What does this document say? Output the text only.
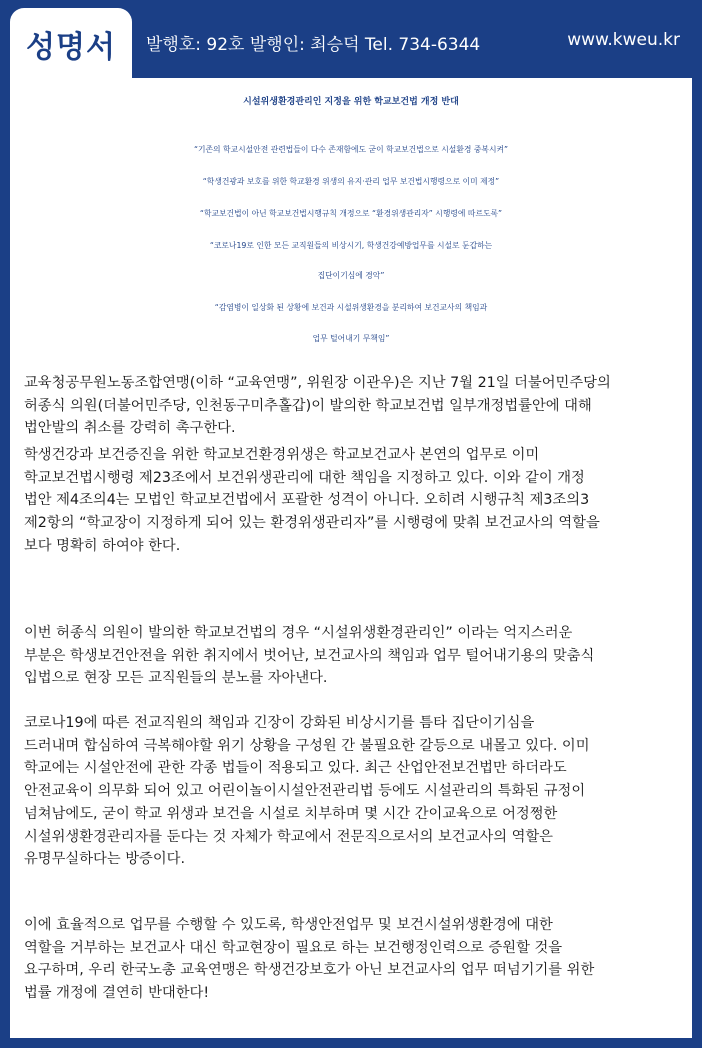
성명서	발행호: 92호 발행인: 최승덕 Tel. 734-6344	www.kweu.kr
시설위생환경관리인 지정을 위한 학교보건법 개정 반대
“기존의 학교시설안전 관련법들이 다수 존재함에도 굳이 학교보건법으로 시설환경 중복시켜”
“학생건광과 보호를 위한 학교환경 위생의 유지·관리 업무 보건법시행령으로 이미 제정”
“학교보건법이 아닌 학교보건법시행규칙 개정으로 “환경위생관리자” 시행령에 따르도록”
“코로나19로 인한 모든 교직원들의 비상시기, 학생건강예방업무를 시설로 둔갑하는
집단이기심에 경악”
“감염병이 일상화 된 상황에 보건과 시설위생환경을 분리하여 보건교사의 책임과
업무 털어내기 무책임”

교육청공무원노동조합연맹(이하 “교육연맹”, 위원장 이관우)은 지난 7월 21일 더불어민주당의

허종식 의원(더불어민주당, 인천동구미추홀갑)이 발의한 학교보건법 일부개정법률안에 대해

법안발의 취소를 강력히 촉구한다.

학생건강과 보건증진을 위한 학교보건환경위생은 학교보건교사 본연의 업무로 이미

학교보건법시행령 제23조에서 보건위생관리에 대한 책임을 지정하고 있다. 이와 같이 개정

법안 제4조의4는 모법인 학교보건법에서 포괄한 성격이 아니다. 오히려 시행규칙 제3조의3

제2항의 “학교장이 지정하게 되어 있는 환경위생관리자”를 시행령에 맞춰 보건교사의 역할을

보다 명확히 하여야 한다.

이번 허종식 의원이 발의한 학교보건법의 경우 “시설위생환경관리인” 이라는 억지스러운

부분은 학생보건안전을 위한 취지에서 벗어난, 보건교사의 책임과 업무 털어내기용의 맞춤식

입법으로 현장 모든 교직원들의 분노를 자아낸다.

코로나19에 따른 전교직원의 책임과 긴장이 강화된 비상시기를 틈타 집단이기심을

드러내며 합심하여 극복해야할 위기 상황을 구성원 간 불필요한 갈등으로 내몰고 있다. 이미

학교에는 시설안전에 관한 각종 법들이 적용되고 있다. 최근 산업안전보건법만 하더라도

안전교육이 의무화 되어 있고 어린이놀이시설안전관리법 등에도 시설관리의 특화된 규정이

넘쳐남에도, 굳이 학교 위생과 보건을 시설로 치부하며 몇 시간 간이교육으로 어정쩡한

시설위생환경관리자를 둔다는 것 자체가 학교에서 전문직으로서의 보건교사의 역할은

유명무실하다는 방증이다.

이에 효율적으로 업무를 수행할 수 있도록, 학생안전업무 및 보건시설위생환경에 대한

역할을 거부하는 보건교사 대신 학교현장이 필요로 하는 보건행정인력으로 증원할 것을

요구하며, 우리 한국노총 교육연맹은 학생건강보호가 아닌 보건교사의 업무 떠넘기기를 위한

법률 개정에 결연히 반대한다!
